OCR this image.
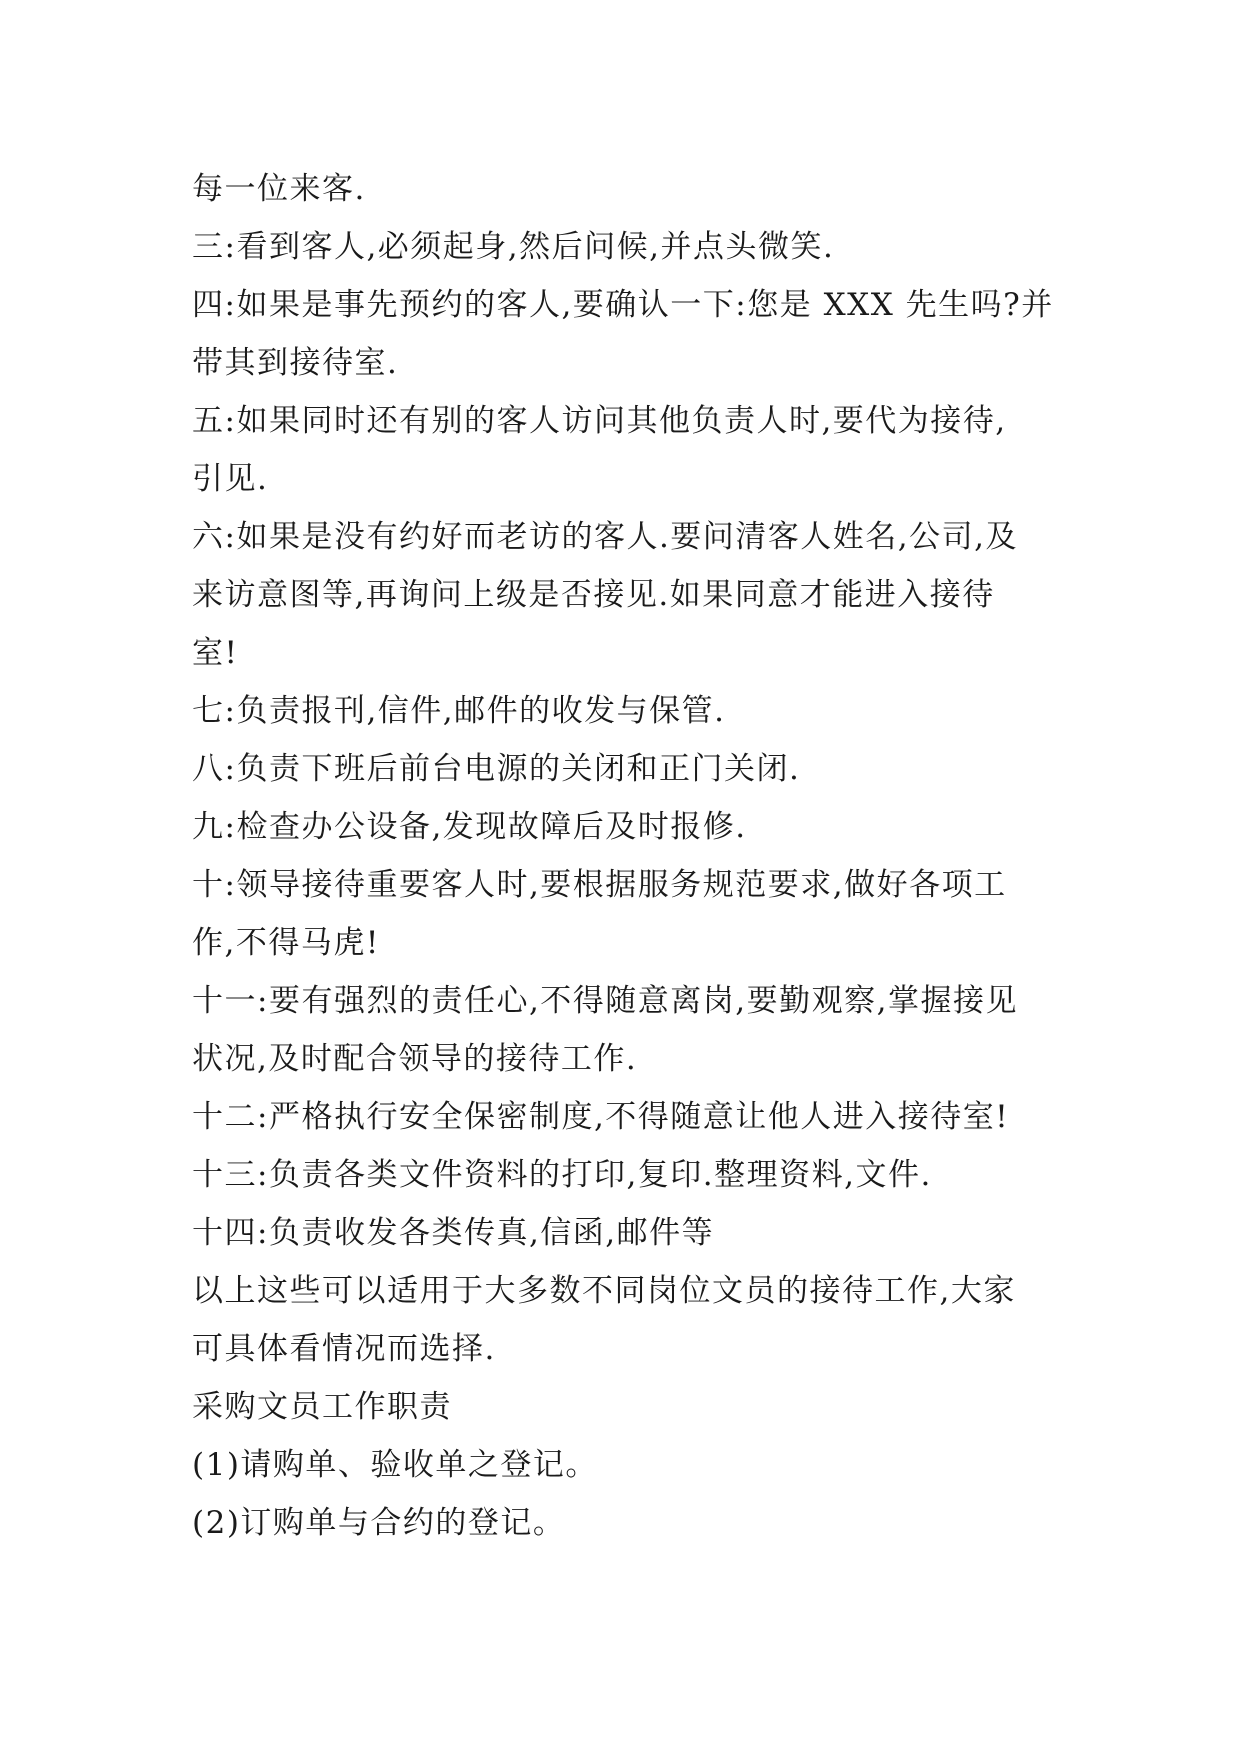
每一位来客.
三:看到客人,必须起身,然后问候,并点头微笑.
四:如果是事先预约的客人,要确认一下:您是 XXX 先生吗?并
带其到接待室.
五:如果同时还有别的客人访问其他负责人时,要代为接待,
引见.
六:如果是没有约好而老访的客人.要问清客人姓名,公司,及
来访意图等,再询问上级是否接见.如果同意才能进入接待
室!
七:负责报刊,信件,邮件的收发与保管.
八:负责下班后前台电源的关闭和正门关闭.
九:检查办公设备,发现故障后及时报修.
十:领导接待重要客人时,要根据服务规范要求,做好各项工
作,不得马虎!
十一:要有强烈的责任心,不得随意离岗,要勤观察,掌握接见
状况,及时配合领导的接待工作.
十二:严格执行安全保密制度,不得随意让他人进入接待室!
十三:负责各类文件资料的打印,复印.整理资料,文件.
十四:负责收发各类传真,信函,邮件等
以上这些可以适用于大多数不同岗位文员的接待工作,大家
可具体看情况而选择.
采购文员工作职责
(1)请购单、验收单之登记。
(2)订购单与合约的登记。
